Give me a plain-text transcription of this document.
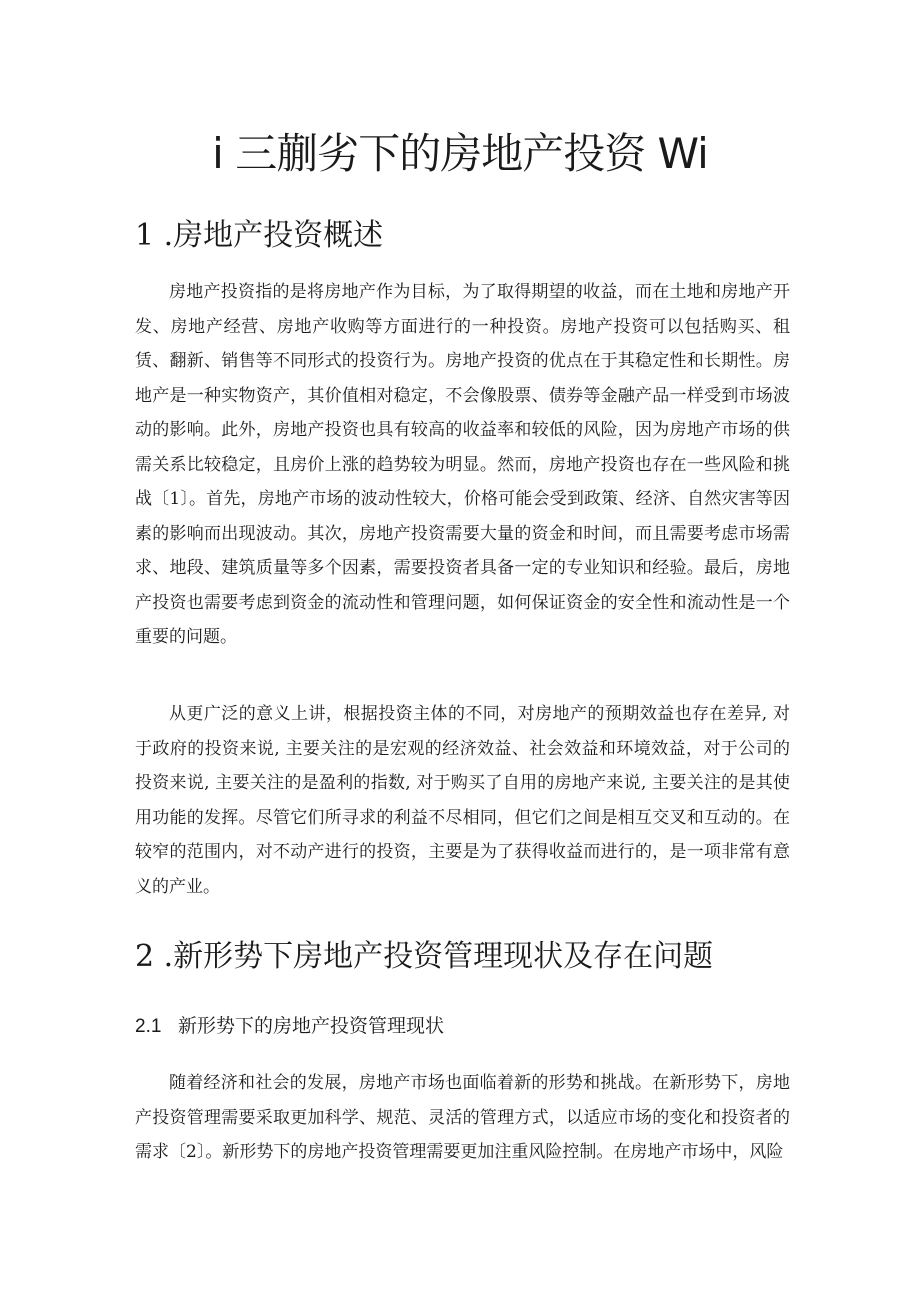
i 三蒯劣下的房地产投资 Wi
1 .房地产投资概述

房地产投资指的是将房地产作为目标，为了取得期望的收益，而在土地和房地产开发、房地产经营、房地产收购等方面进行的一种投资。房地产投资可以包括购买、租赁、翻新、销售等不同形式的投资行为。房地产投资的优点在于其稳定性和长期性。房地产是一种实物资产，其价值相对稳定，不会像股票、债券等金融产品一样受到市场波动的影响。此外，房地产投资也具有较高的收益率和较低的风险，因为房地产市场的供需关系比较稳定，且房价上涨的趋势较为明显。然而，房地产投资也存在一些风险和挑战〔1〕。首先，房地产市场的波动性较大，价格可能会受到政策、经济、自然灾害等因素的影响而出现波动。其次，房地产投资需要大量的资金和时间，而且需要考虑市场需求、地段、建筑质量等多个因素，需要投资者具备一定的专业知识和经验。最后，房地产投资也需要考虑到资金的流动性和管理问题，如何保证资金的安全性和流动性是一个重要的问题。

从更广泛的意义上讲，根据投资主体的不同，对房地产的预期效益也存在差异, 对于政府的投资来说, 主要关注的是宏观的经济效益、社会效益和环境效益，对于公司的投资来说, 主要关注的是盈利的指数, 对于购买了自用的房地产来说, 主要关注的是其使用功能的发挥。尽管它们所寻求的利益不尽相同，但它们之间是相互交叉和互动的。在较窄的范围内，对不动产进行的投资，主要是为了获得收益而进行的，是一项非常有意义的产业。

2 .新形势下房地产投资管理现状及存在问题
2.1 新形势下的房地产投资管理现状

随着经济和社会的发展，房地产市场也面临着新的形势和挑战。在新形势下，房地产投资管理需要采取更加科学、规范、灵活的管理方式，以适应市场的变化和投资者的需求〔2〕。新形势下的房地产投资管理需要更加注重风险控制。在房地产市场中，风险
